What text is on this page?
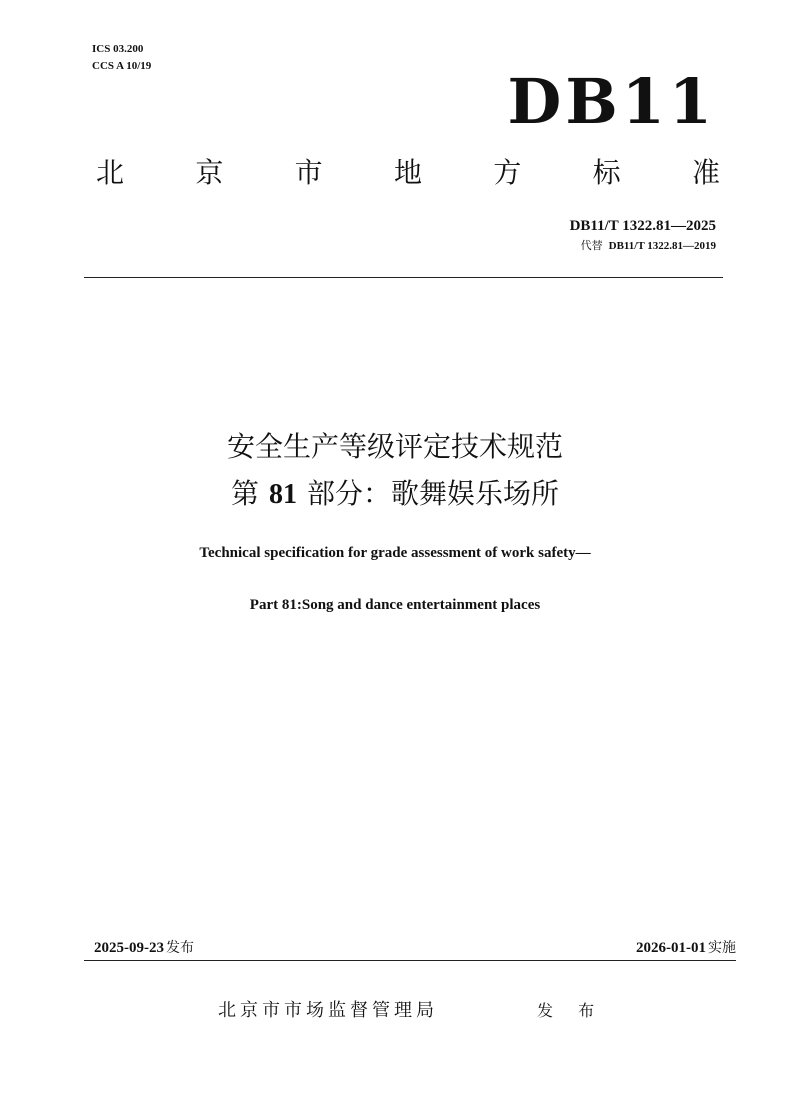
ICS 03.200
CCS A 10/19	DB11
北	京	市	地	方	标	准
DB11/T 1322.81—2025
代替 DB11/T 1322.81—2019
安全生产等级评定技术规范
第 81 部分：歌舞娱乐场所
Technical specification for grade assessment of work safety—
Part 81:Song and dance entertainment places
2025-09-23 发布	2026-01-01 实施
北京市市场监督管理局	发 布
